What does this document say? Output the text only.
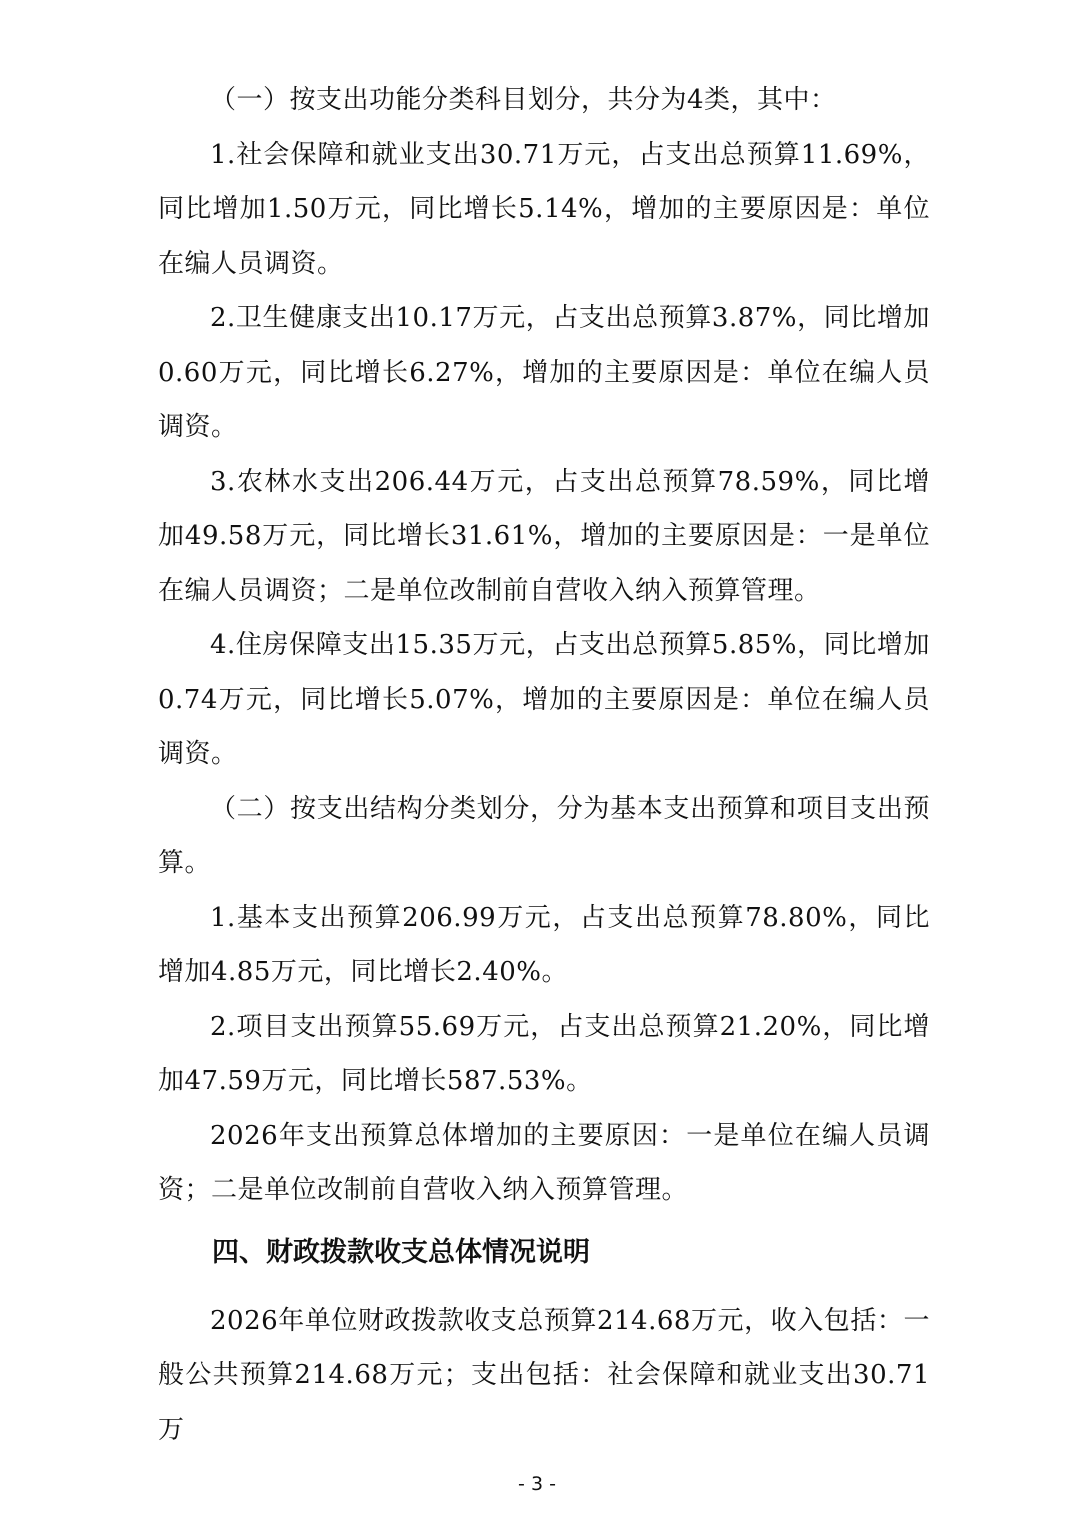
（一）按支出功能分类科目划分，共分为4类，其中：

1.社会保障和就业支出30.71万元，占支出总预算11.69%，同比增加1.50万元，同比增长5.14%，增加的主要原因是：单位在编人员调资。

2.卫生健康支出10.17万元，占支出总预算3.87%，同比增加0.60万元，同比增长6.27%，增加的主要原因是：单位在编人员调资。

3.农林水支出206.44万元，占支出总预算78.59%，同比增加49.58万元，同比增长31.61%，增加的主要原因是：一是单位在编人员调资；二是单位改制前自营收入纳入预算管理。

4.住房保障支出15.35万元，占支出总预算5.85%，同比增加0.74万元，同比增长5.07%，增加的主要原因是：单位在编人员调资。

（二）按支出结构分类划分，分为基本支出预算和项目支出预算。

1.基本支出预算206.99万元，占支出总预算78.80%，同比增加4.85万元，同比增长2.40%。

2.项目支出预算55.69万元，占支出总预算21.20%，同比增加47.59万元，同比增长587.53%。

2026年支出预算总体增加的主要原因：一是单位在编人员调资；二是单位改制前自营收入纳入预算管理。

四、财政拨款收支总体情况说明

2026年单位财政拨款收支总预算214.68万元，收入包括：一般公共预算214.68万元；支出包括：社会保障和就业支出30.71万

- 3 -
